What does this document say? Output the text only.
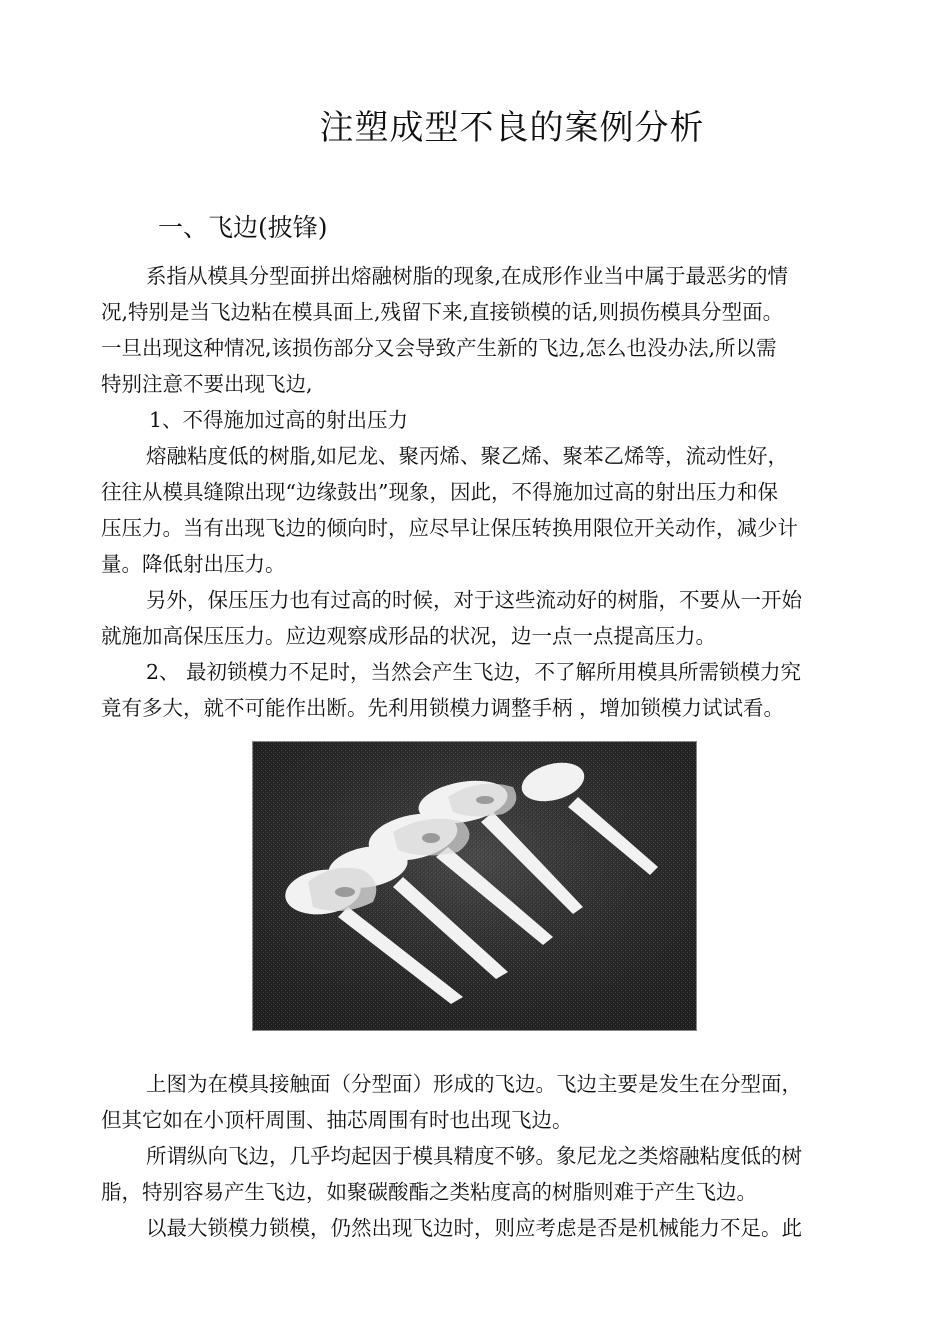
注塑成型不良的案例分析
一、飞边(披锋)

系指从模具分型面拼出熔融树脂的现象,在成形作业当中属于最恶劣的情

况,特别是当飞边粘在模具面上,残留下来,直接锁模的话,则损伤模具分型面。

一旦出现这种情况,该损伤部分又会导致产生新的飞边,怎么也没办法,所以需

特别注意不要出现飞边,

1、不得施加过高的射出压力

熔融粘度低的树脂,如尼龙、聚丙烯、聚乙烯、聚苯乙烯等，流动性好，

往往从模具缝隙出现“边缘鼓出”现象，因此，不得施加过高的射出压力和保

压压力。当有出现飞边的倾向时，应尽早让保压转换用限位开关动作，减少计

量。降低射出压力。

另外，保压压力也有过高的时候，对于这些流动好的树脂，不要从一开始

就施加高保压压力。应边观察成形品的状况，边一点一点提高压力。

2、 最初锁模力不足时，当然会产生飞边，不了解所用模具所需锁模力究

竟有多大，就不可能作出断。先利用锁模力调整手柄 ，增加锁模力试试看。

上图为在模具接触面（分型面）形成的飞边。飞边主要是发生在分型面，

但其它如在小顶杆周围、抽芯周围有时也出现飞边。

所谓纵向飞边，几乎均起因于模具精度不够。象尼龙之类熔融粘度低的树

脂，特别容易产生飞边，如聚碳酸酯之类粘度高的树脂则难于产生飞边。

以最大锁模力锁模，仍然出现飞边时，则应考虑是否是机械能力不足。此
